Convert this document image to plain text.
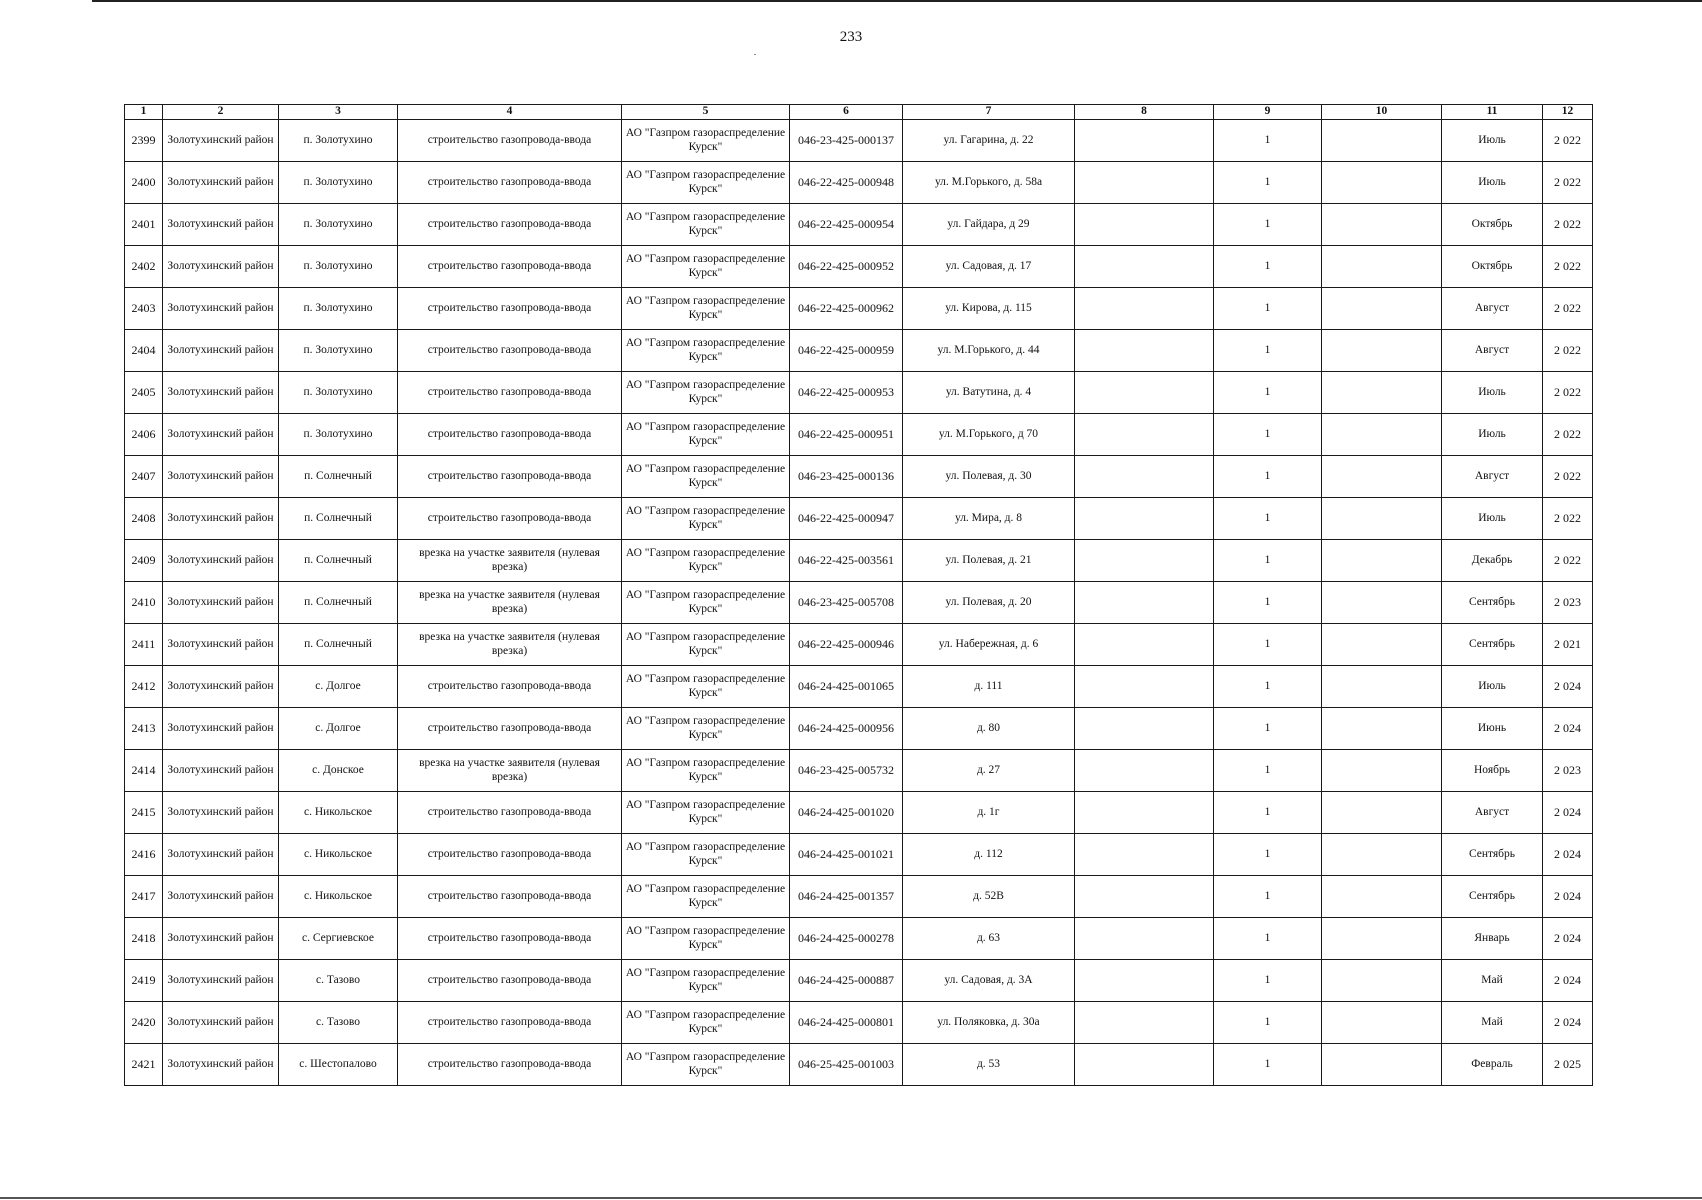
233
1	2	3	4	5	6	7	8	9	10	11	12
2399	Золотухинский район	п. Золотухино	строительство газопровода-ввода	АО "Газпром газораспределение Курск"	046-23-425-000137	ул. Гагарина, д. 22		1		Июль	2 022
2400	Золотухинский район	п. Золотухино	строительство газопровода-ввода	АО "Газпром газораспределение Курск"	046-22-425-000948	ул. М.Горького, д. 58а		1		Июль	2 022
2401	Золотухинский район	п. Золотухино	строительство газопровода-ввода	АО "Газпром газораспределение Курск"	046-22-425-000954	ул. Гайдара, д 29		1		Октябрь	2 022
2402	Золотухинский район	п. Золотухино	строительство газопровода-ввода	АО "Газпром газораспределение Курск"	046-22-425-000952	ул. Садовая, д. 17		1		Октябрь	2 022
2403	Золотухинский район	п. Золотухино	строительство газопровода-ввода	АО "Газпром газораспределение Курск"	046-22-425-000962	ул. Кирова, д. 115		1		Август	2 022
2404	Золотухинский район	п. Золотухино	строительство газопровода-ввода	АО "Газпром газораспределение Курск"	046-22-425-000959	ул. М.Горького, д. 44		1		Август	2 022
2405	Золотухинский район	п. Золотухино	строительство газопровода-ввода	АО "Газпром газораспределение Курск"	046-22-425-000953	ул. Ватутина, д. 4		1		Июль	2 022
2406	Золотухинский район	п. Золотухино	строительство газопровода-ввода	АО "Газпром газораспределение Курск"	046-22-425-000951	ул. М.Горького, д 70		1		Июль	2 022
2407	Золотухинский район	п. Солнечный	строительство газопровода-ввода	АО "Газпром газораспределение Курск"	046-23-425-000136	ул. Полевая, д. 30		1		Август	2 022
2408	Золотухинский район	п. Солнечный	строительство газопровода-ввода	АО "Газпром газораспределение Курск"	046-22-425-000947	ул. Мира, д. 8		1		Июль	2 022
2409	Золотухинский район	п. Солнечный	врезка на участке заявителя (нулевая врезка)	АО "Газпром газораспределение Курск"	046-22-425-003561	ул. Полевая, д. 21		1		Декабрь	2 022
2410	Золотухинский район	п. Солнечный	врезка на участке заявителя (нулевая врезка)	АО "Газпром газораспределение Курск"	046-23-425-005708	ул. Полевая, д. 20		1		Сентябрь	2 023
2411	Золотухинский район	п. Солнечный	врезка на участке заявителя (нулевая врезка)	АО "Газпром газораспределение Курск"	046-22-425-000946	ул. Набережная, д. 6		1		Сентябрь	2 021
2412	Золотухинский район	с. Долгое	строительство газопровода-ввода	АО "Газпром газораспределение Курск"	046-24-425-001065	д. 111		1		Июль	2 024
2413	Золотухинский район	с. Долгое	строительство газопровода-ввода	АО "Газпром газораспределение Курск"	046-24-425-000956	д. 80		1		Июнь	2 024
2414	Золотухинский район	с. Донское	врезка на участке заявителя (нулевая врезка)	АО "Газпром газораспределение Курск"	046-23-425-005732	д. 27		1		Ноябрь	2 023
2415	Золотухинский район	с. Никольское	строительство газопровода-ввода	АО "Газпром газораспределение Курск"	046-24-425-001020	д. 1г		1		Август	2 024
2416	Золотухинский район	с. Никольское	строительство газопровода-ввода	АО "Газпром газораспределение Курск"	046-24-425-001021	д. 112		1		Сентябрь	2 024
2417	Золотухинский район	с. Никольское	строительство газопровода-ввода	АО "Газпром газораспределение Курск"	046-24-425-001357	д. 52В		1		Сентябрь	2 024
2418	Золотухинский район	с. Сергиевское	строительство газопровода-ввода	АО "Газпром газораспределение Курск"	046-24-425-000278	д. 63		1		Январь	2 024
2419	Золотухинский район	с. Тазово	строительство газопровода-ввода	АО "Газпром газораспределение Курск"	046-24-425-000887	ул. Садовая, д. 3А		1		Май	2 024
2420	Золотухинский район	с. Тазово	строительство газопровода-ввода	АО "Газпром газораспределение Курск"	046-24-425-000801	ул. Поляковка, д. 30а		1		Май	2 024
2421	Золотухинский район	с. Шестопалово	строительство газопровода-ввода	АО "Газпром газораспределение Курск"	046-25-425-001003	д. 53		1		Февраль	2 025
